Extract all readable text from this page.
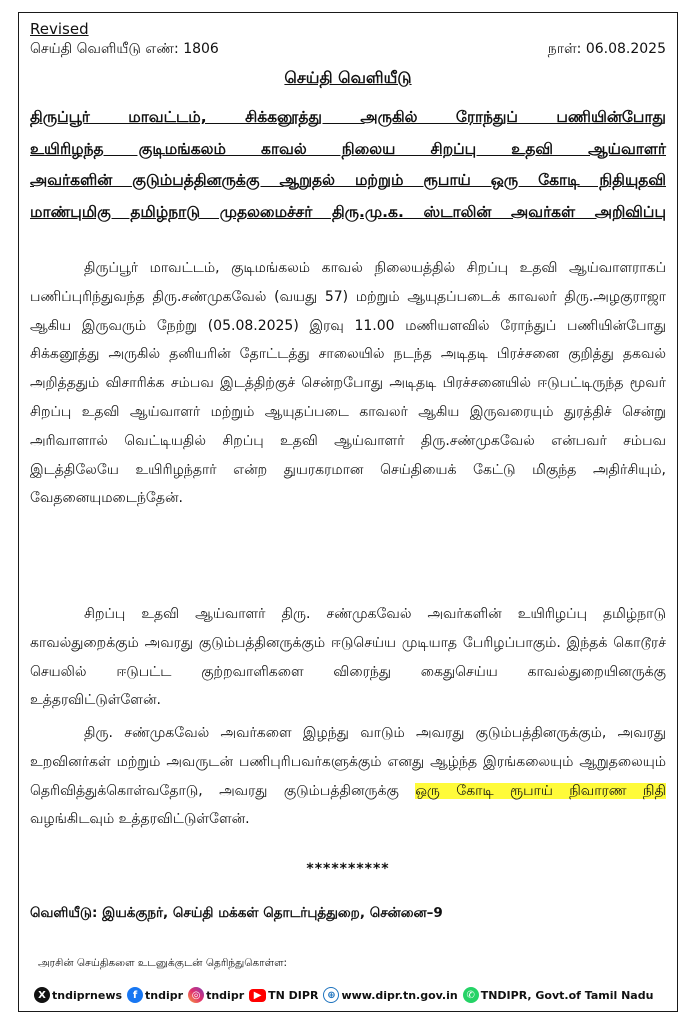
Revised
செய்தி வெளியீடு எண்: 1806	நாள்: 06.08.2025
செய்தி வெளியீடு
திருப்பூர் மாவட்டம், சிக்கனூத்து அருகில் ரோந்துப் பணியின்போது
உயிரிழந்த குடிமங்கலம் காவல் நிலைய சிறப்பு உதவி ஆய்வாளர்
அவர்களின் குடும்பத்தினருக்கு ஆறுதல் மற்றும் ரூபாய் ஒரு கோடி நிதியுதவி
மாண்புமிகு தமிழ்நாடு முதலமைச்சர் திரு.மு.க. ஸ்டாலின் அவர்கள் அறிவிப்பு

திருப்பூர் மாவட்டம், குடிமங்கலம் காவல் நிலையத்தில் சிறப்பு உதவி ஆய்வாளராகப் பணிப்புரிந்துவந்த திரு.சண்முகவேல் (வயது 57) மற்றும் ஆயுதப்படைக் காவலர் திரு.அழகுராஜா ஆகிய இருவரும் நேற்று (05.08.2025) இரவு 11.00 மணியளவில் ரோந்துப் பணியின்போது சிக்கனூத்து அருகில் தனியரின் தோட்டத்து சாலையில் நடந்த அடிதடி பிரச்சனை குறித்து தகவல் அறித்ததும் விசாரிக்க சம்பவ இடத்திற்குச் சென்றபோது அடிதடி பிரச்சனையில் ஈடுபட்டிருந்த மூவர் சிறப்பு உதவி ஆய்வாளர் மற்றும் ஆயுதப்படை காவலர் ஆகிய இருவரையும் துரத்திச் சென்று அரிவாளால் வெட்டியதில் சிறப்பு உதவி ஆய்வாளர் திரு.சண்முகவேல் என்பவர் சம்பவ இடத்திலேயே உயிரிழந்தார் என்ற துயரகரமான செய்தியைக் கேட்டு மிகுந்த அதிர்சியும், வேதனையுமடைந்தேன்.

சிறப்பு உதவி ஆய்வாளர் திரு. சண்முகவேல் அவர்களின் உயிரிழப்பு தமிழ்நாடு காவல்துறைக்கும் அவரது குடும்பத்தினருக்கும் ஈடுசெய்ய முடியாத பேரிழப்பாகும். இந்தக் கொடூரச் செயலில் ஈடுபட்ட குற்றவாளிகளை விரைந்து கைதுசெய்ய காவல்துறையினருக்கு உத்தரவிட்டுள்ளேன்.

திரு. சண்முகவேல் அவர்களை இழந்து வாடும் அவரது குடும்பத்தினருக்கும், அவரது உறவினர்கள் மற்றும் அவருடன் பணிபுரிபவர்களுக்கும் எனது ஆழ்ந்த இரங்கலையும் ஆறுதலையும் தெரிவித்துக்கொள்வதோடு, அவரது குடும்பத்தினருக்கு ஒரு கோடி ரூபாய் நிவாரண நிதி வழங்கிடவும் உத்தரவிட்டுள்ளேன்.

**********
வெளியீடு: இயக்குநர், செய்தி மக்கள் தொடர்புத்துறை, சென்னை–9
அரசின் செய்திகளை உடனுக்குடன் தெரிந்துகொள்ள:
X tndiprnews	f tndipr ◎ tndipr ▶ TN DIPR ⊕ www.dipr.tn.gov.in ✆ TNDIPR, Govt.of Tamil Nadu
